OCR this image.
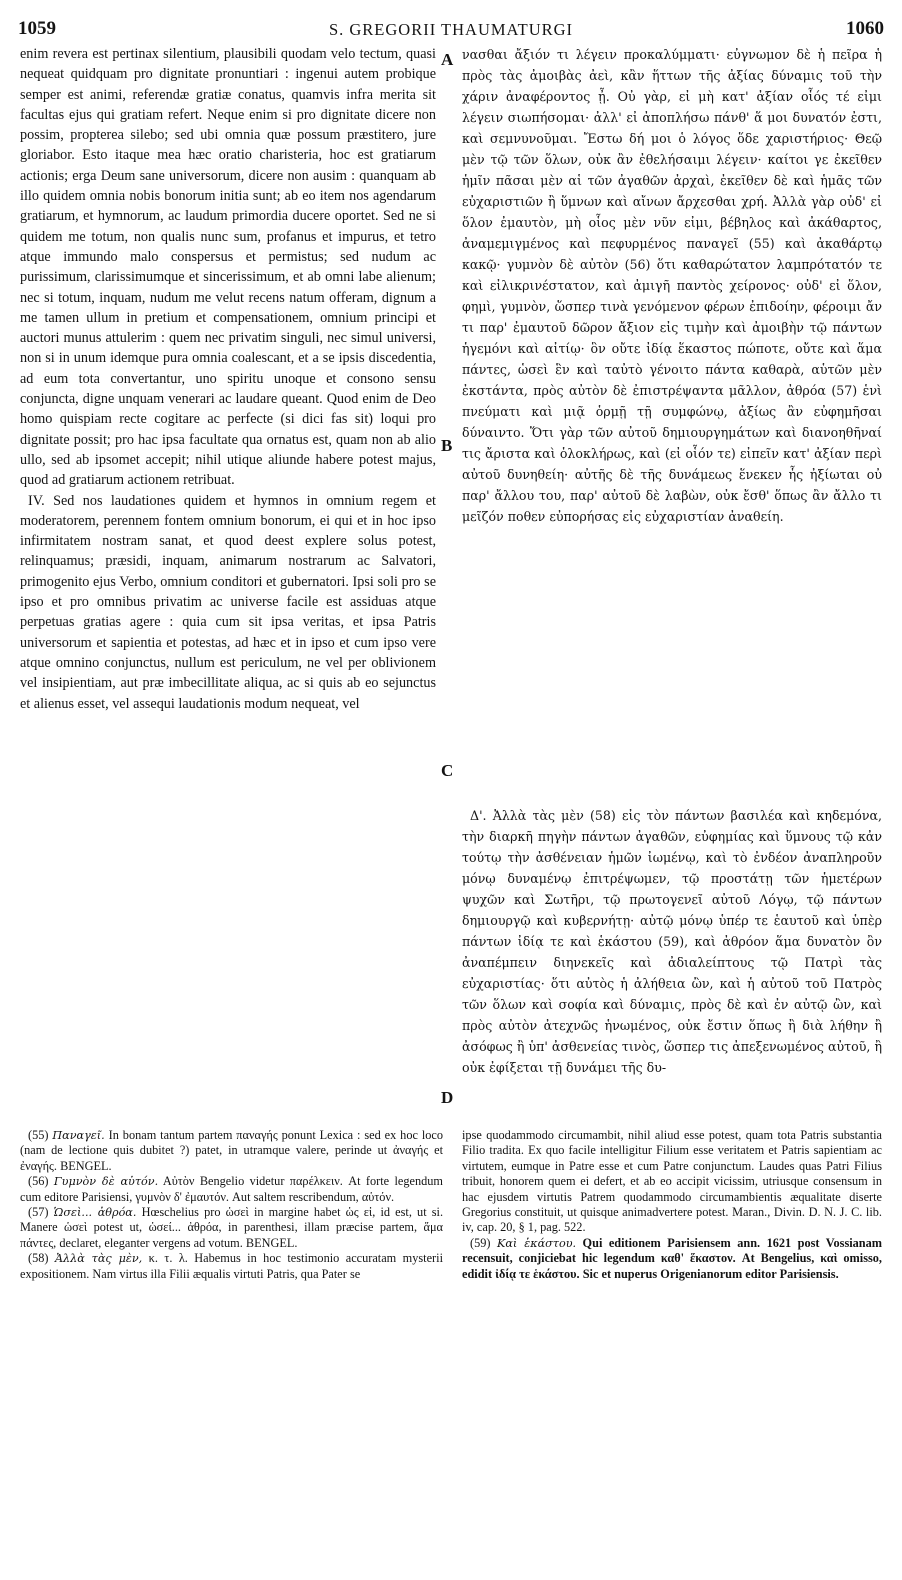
1059	S. GREGORII THAUMATURGI	1060
A
B
C
D

enim revera est pertinax silentium, plausibili quodam velo tectum, quasi nequeat quidquam pro dignitate pronuntiari : ingenui autem probique semper est animi, referendæ gratiæ conatus, quamvis infra merita sit facultas ejus qui gratiam refert. Neque enim si pro dignitate dicere non possim, propterea silebo; sed ubi omnia quæ possum præstitero, jure gloriabor. Esto itaque mea hæc oratio charisteria, hoc est gratiarum actionis; erga Deum sane universorum, dicere non ausim : quanquam ab illo quidem omnia nobis bonorum initia sunt; ab eo item nos agendarum gratiarum, et hymnorum, ac laudum primordia ducere oportet. Sed ne si quidem me totum, non qualis nunc sum, profanus et impurus, et tetro atque immundo malo conspersus et permistus; sed nudum ac purissimum, clarissimumque et sincerissimum, et ab omni labe alienum; nec si totum, inquam, nudum me velut recens natum offeram, dignum a me tamen ullum in pretium et compensationem, omnium principi et auctori munus attulerim : quem nec privatim singuli, nec simul universi, non si in unum idemque pura omnia coalescant, et a se ipsis discedentia, ad eum tota convertantur, uno spiritu unoque et consono sensu conjuncta, digne unquam venerari ac laudare queant. Quod enim de Deo homo quispiam recte cogitare ac perfecte (si dici fas sit) loqui pro dignitate possit; pro hac ipsa facultate qua ornatus est, quam non ab alio ullo, sed ab ipsomet accepit; nihil utique aliunde habere potest majus, quod ad gratiarum actionem retribuat.

IV. Sed nos laudationes quidem et hymnos in omnium regem et moderatorem, perennem fontem omnium bonorum, ei qui et in hoc ipso infirmitatem nostram sanat, et quod deest explere solus potest, relinquamus; præsidi, inquam, animarum nostrarum ac Salvatori, primogenito ejus Verbo, omnium conditori et gubernatori. Ipsi soli pro se ipso et pro omnibus privatim ac universe facile est assiduas atque perpetuas gratias agere : quia cum sit ipsa veritas, et ipsa Patris universorum et sapientia et potestas, ad hæc et in ipso et cum ipso vere atque omnino conjunctus, nullum est periculum, ne vel per oblivionem vel insipientiam, aut præ imbecillitate aliqua, ac si quis ab eo sejunctus et alienus esset, vel assequi laudationis modum nequeat, vel

νασθαι ἄξιόν τι λέγειν προκαλύμματι· εὐγνωμον δὲ ἡ πεῖρα ἡ πρὸς τὰς ἀμοιβὰς ἀεὶ, κἂν ἥττων τῆς ἀξίας δύναμις τοῦ τὴν χάριν ἀναφέροντος ᾖ. Οὐ γὰρ, εἰ μὴ κατ' ἀξίαν οἷός τέ εἰμι λέγειν σιωπήσομαι· ἀλλ' εἰ ἀποπλήσω πάνθ' ἅ μοι δυνατόν ἐστι, καὶ σεμνυνοῦμαι. Ἔστω δή μοι ὁ λόγος ὅδε χαριστήριος· Θεῷ μὲν τῷ τῶν ὅλων, οὐκ ἂν ἐθελήσαιμι λέγειν· καίτοι γε ἐκεῖθεν ἡμῖν πᾶσαι μὲν αἱ τῶν ἀγαθῶν ἀρχαὶ, ἐκεῖθεν δὲ καὶ ἡμᾶς τῶν εὐχαριστιῶν ἢ ὕμνων καὶ αἴνων ἄρχεσθαι χρή. Ἀλλὰ γὰρ οὐδ' εἰ ὅλον ἐμαυτὸν, μὴ οἷος μὲν νῦν εἰμι, βέβηλος καὶ ἀκάθαρτος, ἀναμεμιγμένος καὶ πεφυρμένος παναγεῖ (55) καὶ ἀκαθάρτῳ κακῷ· γυμνὸν δὲ αὐτὸν (56) ὅτι καθαρώτατον λαμπρότατόν τε καὶ εἰλικρινέστατον, καὶ ἀμιγῆ παντὸς χείρονος· οὐδ' εἰ ὅλον, φημὶ, γυμνὸν, ὥσπερ τινὰ γενόμενον φέρων ἐπιδοίην, φέροιμι ἄν τι παρ' ἐμαυτοῦ δῶρον ἄξιον εἰς τιμὴν καὶ ἀμοιβὴν τῷ πάντων ἡγεμόνι καὶ αἰτίῳ· ὃν οὔτε ἰδίᾳ ἕκαστος πώποτε, οὔτε καὶ ἅμα πάντες, ὡσεὶ ἓν καὶ ταὐτὸ γένοιτο πάντα καθαρὰ, αὑτῶν μὲν ἐκστάντα, πρὸς αὐτὸν δὲ ἐπιστρέψαντα μᾶλλον, ἀθρόα (57) ἑνὶ πνεύματι καὶ μιᾷ ὁρμῇ τῇ συμφώνῳ, ἀξίως ἂν εὐφημῆσαι δύναιντο. Ὅτι γὰρ τῶν αὐτοῦ δημιουργημάτων καὶ διανοηθῆναί τις ἄριστα καὶ ὁλοκλήρως, καὶ (εἰ οἷόν τε) εἰπεῖν κατ' ἀξίαν περὶ αὐτοῦ δυνηθείη· αὐτῆς δὲ τῆς δυνάμεως ἕνεκεν ἧς ἠξίωται οὐ παρ' ἄλλου του, παρ' αὐτοῦ δὲ λαβὼν, οὐκ ἔσθ' ὅπως ἂν ἄλλο τι μεῖζόν ποθεν εὐπορήσας εἰς εὐχαριστίαν ἀναθείη.

Δ'. Ἀλλὰ τὰς μὲν (58) εἰς τὸν πάντων βασιλέα καὶ κηδεμόνα, τὴν διαρκῆ πηγὴν πάντων ἀγαθῶν, εὐφημίας καὶ ὕμνους τῷ κἀν τούτῳ τὴν ἀσθένειαν ἡμῶν ἰωμένῳ, καὶ τὸ ἐνδέον ἀναπληροῦν μόνῳ δυναμένῳ ἐπιτρέψωμεν, τῷ προστάτῃ τῶν ἡμετέρων ψυχῶν καὶ Σωτῆρι, τῷ πρωτογενεῖ αὐτοῦ Λόγῳ, τῷ πάντων δημιουργῷ καὶ κυβερνήτῃ· αὐτῷ μόνῳ ὑπέρ τε ἑαυτοῦ καὶ ὑπὲρ πάντων ἰδίᾳ τε καὶ ἑκάστου (59), καὶ ἀθρόον ἅμα δυνατὸν ὂν ἀναπέμπειν διηνεκεῖς καὶ ἀδιαλείπτους τῷ Πατρὶ τὰς εὐχαριστίας· ὅτι αὐτὸς ἡ ἀλήθεια ὢν, καὶ ἡ αὐτοῦ τοῦ Πατρὸς τῶν ὅλων καὶ σοφία καὶ δύναμις, πρὸς δὲ καὶ ἐν αὐτῷ ὢν, καὶ πρὸς αὐτὸν ἀτεχνῶς ἡνωμένος, οὐκ ἔστιν ὅπως ἢ διὰ λήθην ἢ ἀσόφως ἢ ὑπ' ἀσθενείας τινὸς, ὥσπερ τις ἀπεξενωμένος αὐτοῦ, ἢ οὐκ ἐφίξεται τῇ δυνάμει τῆς δυ-

(55) Παναγεῖ. In bonam tantum partem παναγής ponunt Lexica : sed ex hoc loco (nam de lectione quis dubitet ?) patet, in utramque valere, perinde ut ἀναγής et ἐναγής. BENGEL.

(56) Γυμνὸν δὲ αὐτόν. Αὐτὸν Bengelio videtur παρέλκειν. At forte legendum cum editore Parisiensi, γυμνὸν δ' ἐμαυτόν. Aut saltem rescribendum, αὑτόν.

(57) Ὡσεὶ... ἀθρόα. Hœschelius pro ὡσεὶ in margine habet ὡς εἰ, id est, ut si. Manere ὡσεὶ potest ut, ὡσεί... ἀθρόα, in parenthesi, illam præcise partem, ἅμα πάντες, declaret, eleganter vergens ad votum. BENGEL.

(58) Ἀλλὰ τὰς μὲν, κ. τ. λ. Habemus in hoc testimonio accuratam mysterii expositionem. Nam virtus illa Filii æqualis virtuti Patris, qua Pater se

ipse quodammodo circumambit, nihil aliud esse potest, quam tota Patris substantia Filio tradita. Ex quo facile intelligitur Filium esse veritatem et Patris sapientiam ac virtutem, eumque in Patre esse et cum Patre conjunctum. Laudes quas Patri Filius tribuit, honorem quem ei defert, et ab eo accipit vicissim, utriusque consensum in hac ejusdem virtutis Patrem quodammodo circumambientis æqualitate diserte Gregorius constituit, ut quisque animadvertere potest. Maran., Divin. D. N. J. C. lib. iv, cap. 20, § 1, pag. 522.

(59) Καὶ ἑκάστου. Qui editionem Parisiensem ann. 1621 post Vossianam recensuit, conjiciebat hic legendum καθ' ἕκαστον. At Bengelius, καὶ omisso, edidit ἰδίᾳ τε ἑκάστου. Sic et nuperus Origenianorum editor Parisiensis.
